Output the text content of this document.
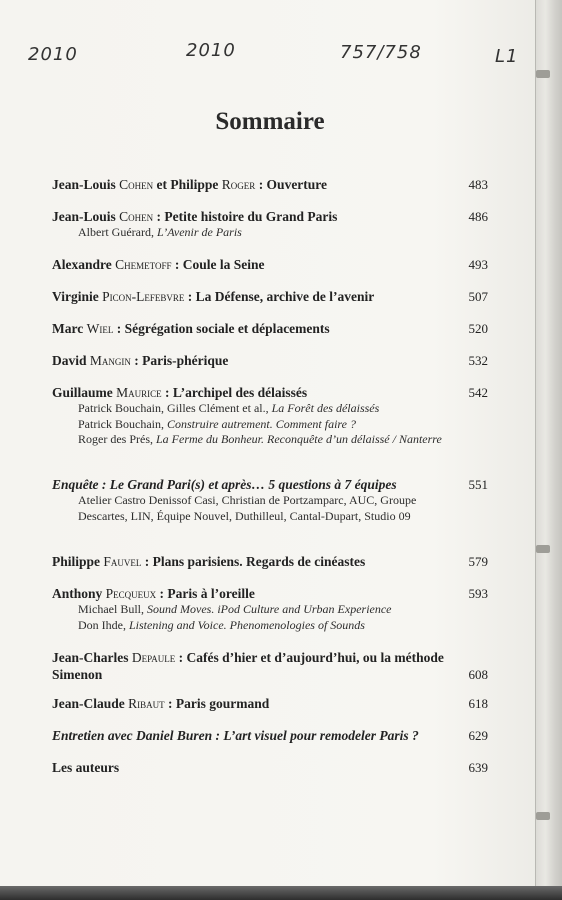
2010	2010	757/758	L1
Sommaire
Jean-Louis Cohen et Philippe Roger : Ouverture	483
Jean-Louis Cohen : Petite histoire du Grand Paris	486
Albert Guérard, L’Avenir de Paris
Alexandre Chemetoff : Coule la Seine	493
Virginie Picon-Lefebvre : La Défense, archive de l’avenir	507
Marc Wiel : Ségrégation sociale et déplacements	520
David Mangin : Paris-phérique	532
Guillaume Maurice : L’archipel des délaissés	542
Patrick Bouchain, Gilles Clément et al., La Forêt des délaissés
Patrick Bouchain, Construire autrement. Comment faire ?
Roger des Prés, La Ferme du Bonheur. Reconquête d’un délaissé / Nanterre
Enquête : Le Grand Pari(s) et après… 5 questions à 7 équipes	551
Atelier Castro Denissof Casi, Christian de Portzamparc, AUC, Groupe Descartes, LIN, Équipe Nouvel, Duthilleul, Cantal-Dupart, Studio 09
Philippe Fauvel : Plans parisiens. Regards de cinéastes	579
Anthony Pecqueux : Paris à l’oreille	593
Michael Bull, Sound Moves. iPod Culture and Urban Experience
Don Ihde, Listening and Voice. Phenomenologies of Sounds
Jean-Charles Depaule : Cafés d’hier et d’aujourd’hui, ou la méthode Simenon	608
Jean-Claude Ribaut : Paris gourmand	618
Entretien avec Daniel Buren : L’art visuel pour remodeler Paris ?	629
Les auteurs	639
